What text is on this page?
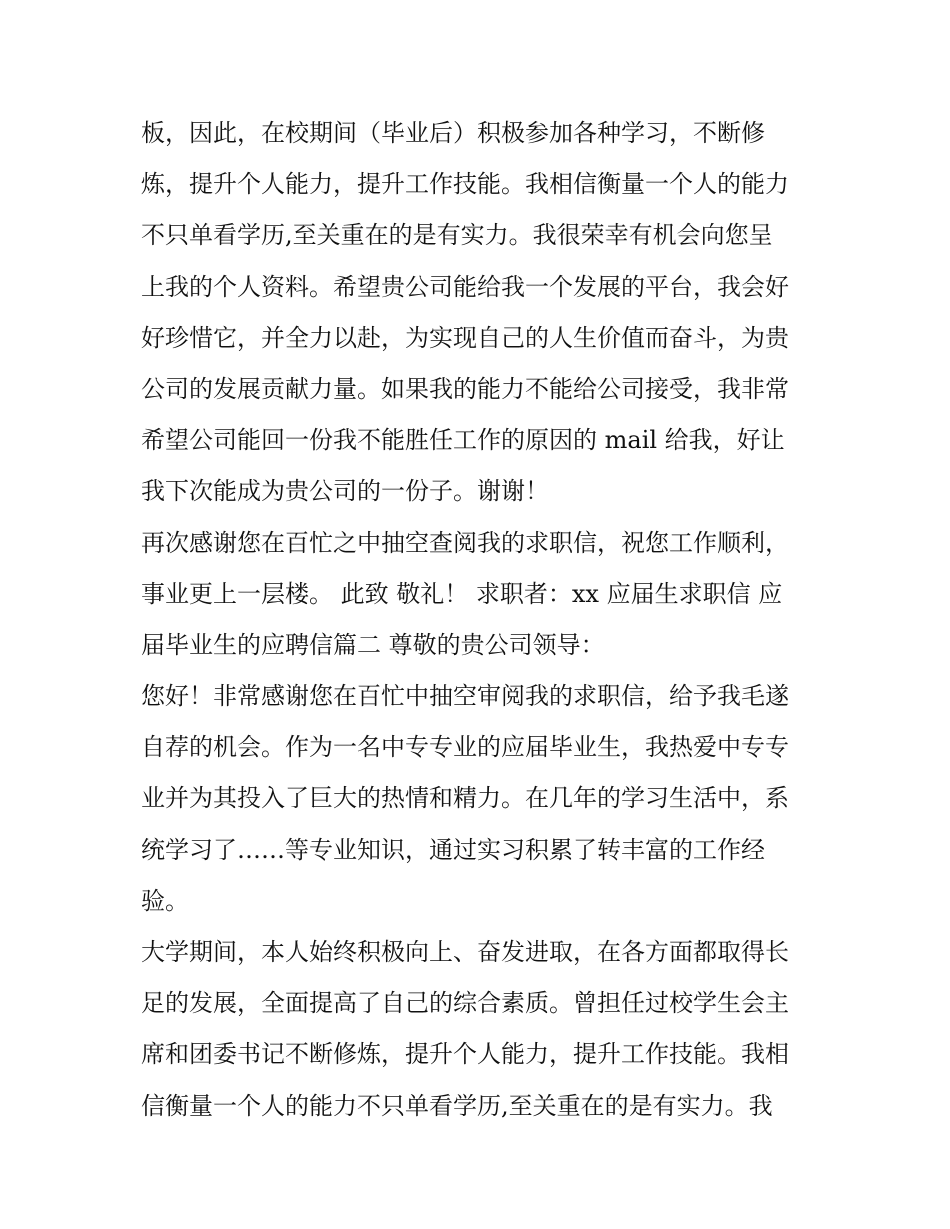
板，因此，在校期间（毕业后）积极参加各种学习，不断修
炼，提升个人能力，提升工作技能。我相信衡量一个人的能力
不只单看学历,至关重在的是有实力。我很荣幸有机会向您呈
上我的个人资料。希望贵公司能给我一个发展的平台，我会好
好珍惜它，并全力以赴，为实现自己的人生价值而奋斗，为贵
公司的发展贡献力量。如果我的能力不能给公司接受，我非常
希望公司能回一份我不能胜任工作的原因的 mail 给我，好让
我下次能成为贵公司的一份子。谢谢！
再次感谢您在百忙之中抽空查阅我的求职信，祝您工作顺利，
事业更上一层楼。 此致 敬礼！ 求职者：xx 应届生求职信 应
届毕业生的应聘信篇二 尊敬的贵公司领导：
您好！非常感谢您在百忙中抽空审阅我的求职信，给予我毛遂
自荐的机会。作为一名中专专业的应届毕业生，我热爱中专专
业并为其投入了巨大的热情和精力。在几年的学习生活中，系
统学习了……等专业知识，通过实习积累了转丰富的工作经
验。
大学期间，本人始终积极向上、奋发进取，在各方面都取得长
足的发展，全面提高了自己的综合素质。曾担任过校学生会主
席和团委书记不断修炼，提升个人能力，提升工作技能。我相
信衡量一个人的能力不只单看学历,至关重在的是有实力。我
